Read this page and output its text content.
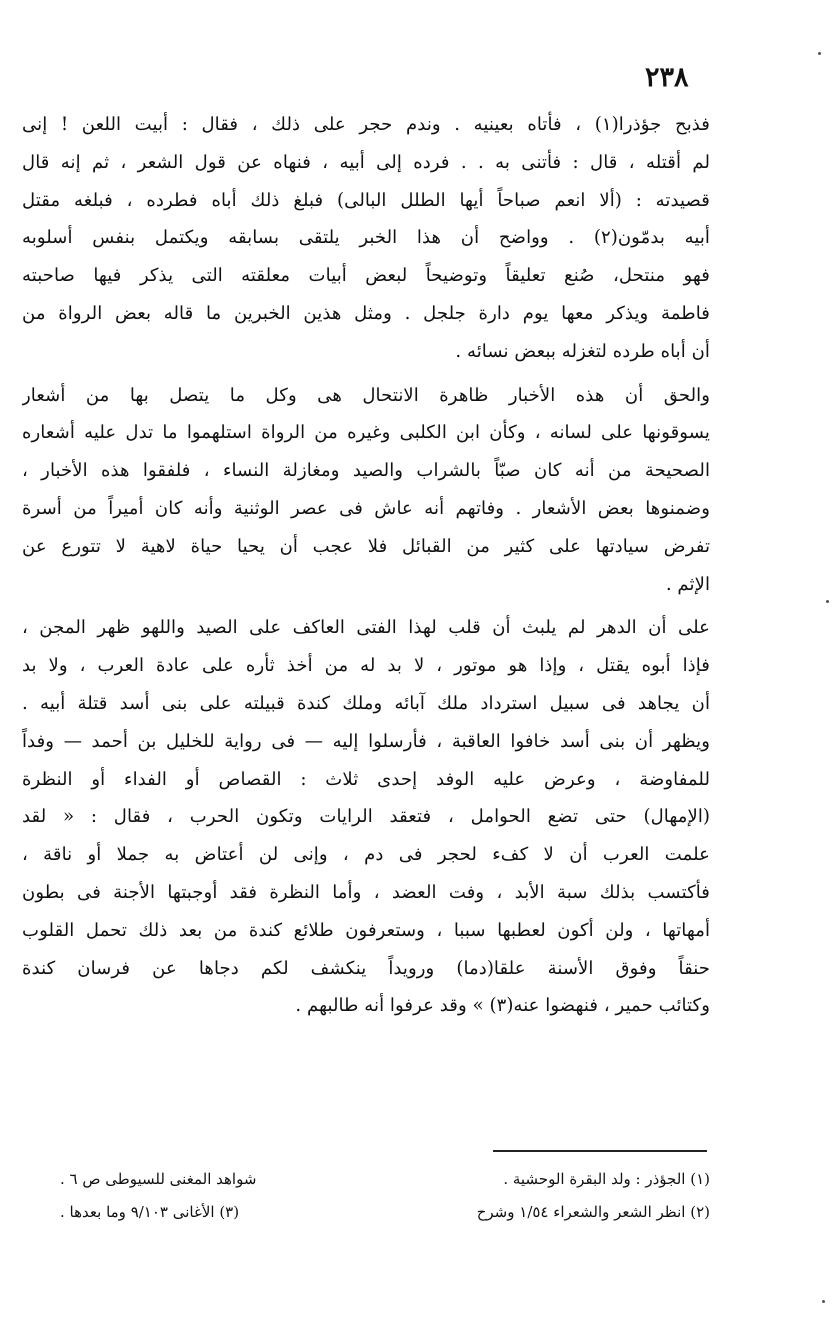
٢٣٨
فذبح جؤذرا(١) ، فأتاه بعينيه . وندم حجر على ذلك ، فقال : أبيت اللعن ! إنى
لم أقتله ، قال : فأتنى به . . فرده إلى أبيه ، فنهاه عن قول الشعر ، ثم إنه قال
قصيدته : (ألا انعم صباحاً أيها الطلل البالى) فبلغ ذلك أباه فطرده ، فبلغه مقتل
أبيه بدمّون(٢) . وواضح أن هذا الخبر يلتقى بسابقه ويكتمل بنفس أسلوبه
فهو منتحل، صُنع تعليقاً وتوضيحاً لبعض أبيات معلقته التى يذكر فيها صاحبته
فاطمة ويذكر معها يوم دارة جلجل . ومثل هذين الخبرين ما قاله بعض الرواة من
أن أباه طرده لتغزله ببعض نسائه .
والحق أن هذه الأخبار ظاهرة الانتحال هى وكل ما يتصل بها من أشعار
يسوقونها على لسانه ، وكأن ابن الكلبى وغيره من الرواة استلهموا ما تدل عليه أشعاره
الصحيحة من أنه كان صبّاً بالشراب والصيد ومغازلة النساء ، فلفقوا هذه الأخبار ،
وضمنوها بعض الأشعار . وفاتهم أنه عاش فى عصر الوثنية وأنه كان أميراً من أسرة
تفرض سيادتها على كثير من القبائل فلا عجب أن يحيا حياة لاهية لا تتورع عن
الإثم .
على أن الدهر لم يلبث أن قلب لهذا الفتى العاكف على الصيد واللهو ظهر المجن ،
فإذا أبوه يقتل ، وإذا هو موتور ، لا بد له من أخذ ثأره على عادة العرب ، ولا بد
أن يجاهد فى سبيل استرداد ملك آبائه وملك كندة قبيلته على بنى أسد قتلة أبيه .
ويظهر أن بنى أسد خافوا العاقبة ، فأرسلوا إليه — فى رواية للخليل بن أحمد — وفداً
للمفاوضة ، وعرض عليه الوفد إحدى ثلاث : القصاص أو الفداء أو النظرة
(الإمهال) حتى تضع الحوامل ، فتعقد الرايات وتكون الحرب ، فقال : « لقد
علمت العرب أن لا كفء لحجر فى دم ، وإنى لن أعتاض به جملا أو ناقة ،
فأكتسب بذلك سبة الأبد ، وفت العضد ، وأما النظرة فقد أوجبتها الأجنة فى بطون
أمهاتها ، ولن أكون لعطبها سببا ، وستعرفون طلائع كندة من بعد ذلك تحمل القلوب
حنقاً وفوق الأسنة علقا(دما) ورويداً ينكشف لكم دجاها عن فرسان كندة
وكتائب حمير ، فنهضوا عنه(٣) » وقد عرفوا أنه طالبهم .
(١) الجؤذر : ولد البقرة الوحشية .
شواهد المغنى للسيوطى ص ٦ .
(٢) انظر الشعر والشعراء ١/٥٤ وشرح
(٣) الأغانى ٩/١٠٣ وما بعدها .
